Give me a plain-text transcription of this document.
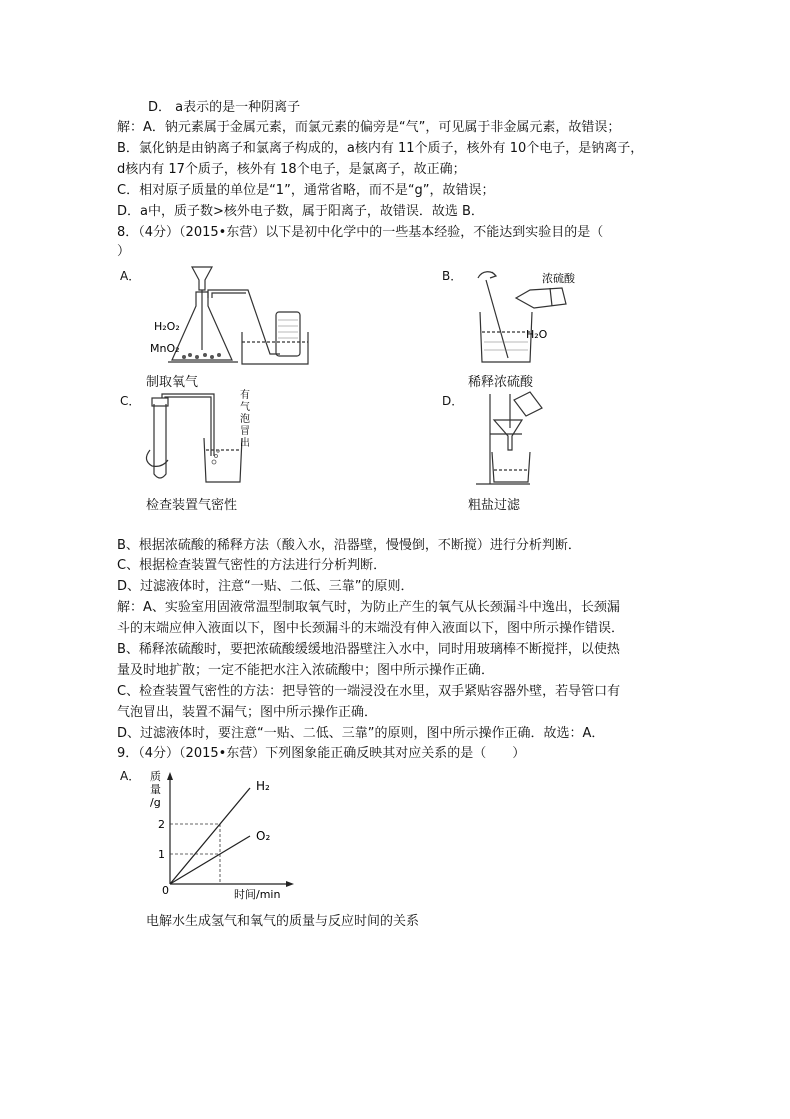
D． a表示的是一种阴离子
解：A．钠元素属于金属元素，而氯元素的偏旁是“气”，可见属于非金属元素，故错误；
B．氯化钠是由钠离子和氯离子构成的，a核内有 11个质子，核外有 10个电子，是钠离子，
d核内有 17个质子，核外有 18个电子，是氯离子，故正确；
C．相对原子质量的单位是“1”，通常省略，而不是“g”，故错误；
D．a中，质子数>核外电子数，属于阳离子，故错误．故选 B．
8．（4分）（2015•东营）以下是初中化学中的一些基本经验，不能达到实验目的是（
）
A．
H₂O₂
MnO₂
制取氧气
B．	浓硫酸
H₂O
稀释浓硫酸
C．	有气泡 冒出
检查装置气密性
D．
粗盐过滤
B、根据浓硫酸的稀释方法（酸入水，沿器壁，慢慢倒，不断搅）进行分析判断．
C、根据检查装置气密性的方法进行分析判断．
D、过滤液体时，注意“一贴、二低、三靠”的原则．
解：A、实验室用固液常温型制取氧气时，为防止产生的氧气从长颈漏斗中逸出，长颈漏
斗的末端应伸入液面以下，图中长颈漏斗的末端没有伸入液面以下，图中所示操作错误．
B、稀释浓硫酸时，要把浓硫酸缓缓地沿器壁注入水中，同时用玻璃棒不断搅拌，以使热
量及时地扩散；一定不能把水注入浓硫酸中；图中所示操作正确．
C、检查装置气密性的方法：把导管的一端浸没在水里，双手紧贴容器外壁，若导管口有
气泡冒出，装置不漏气；图中所示操作正确．
D、过滤液体时，要注意“一贴、二低、三靠”的原则，图中所示操作正确．故选：A．
9．（4分）（2015•东营）下列图象能正确反映其对应关系的是（　　）
A．
1
2
H₂
O₂
质量/g
时间/min
0
电解水生成氢气和氧气的质量与反应时间的关系
